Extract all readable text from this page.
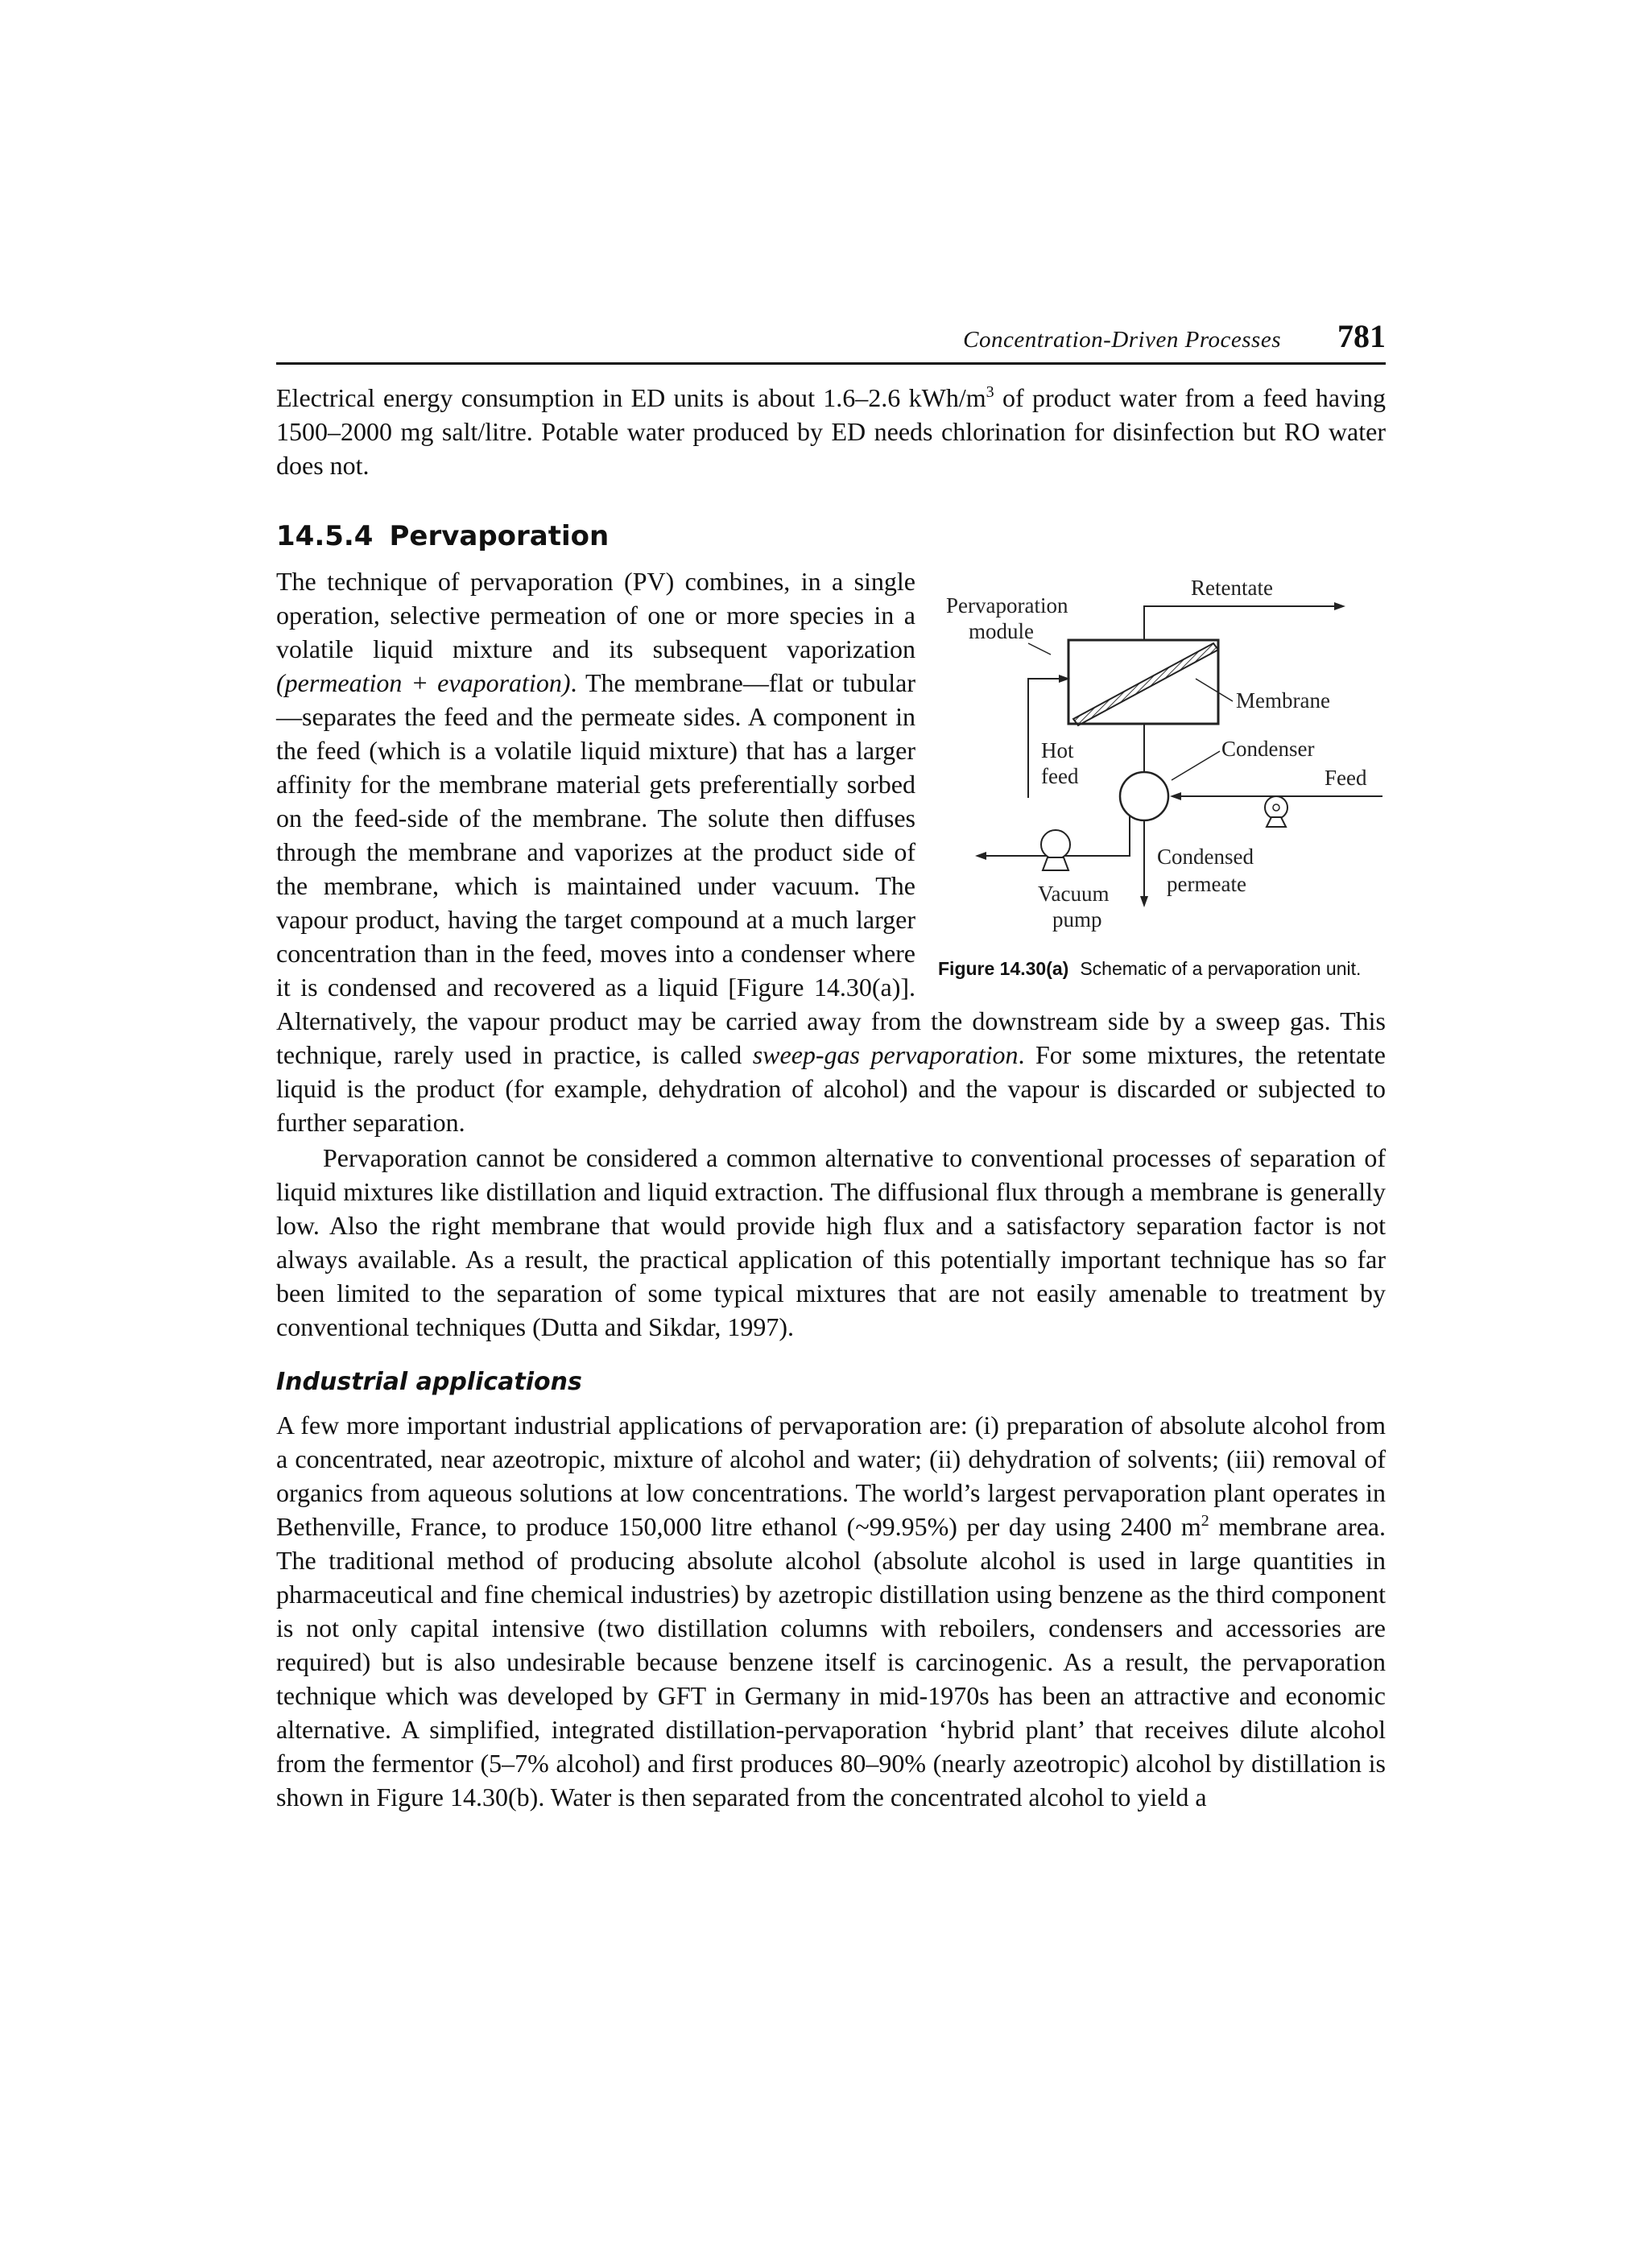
Concentration-Driven Processes 781

Electrical energy consumption in ED units is about 1.6–2.6 kWh/$m^3$ of product water from a feed having 1500–2000 mg salt/litre. Potable water produced by ED needs chlorination for disinfection but RO water does not.

14.5.4 Pervaporation
Retentate
Pervaporation
module
Membrane
Hot
feed
Condenser
Feed
Vacuum
pump
Condensed
permeate
Figure 14.30(a) Schematic of a pervaporation unit.

The technique of pervaporation (PV) combines, in a single operation, selective permeation of one or more species in a volatile liquid mixture and its subsequent vaporization (permeation + evaporation). The membrane—flat or tubular—separates the feed and the permeate sides. A component in the feed (which is a volatile liquid mixture) that has a larger affinity for the membrane material gets preferentially sorbed on the feed-side of the membrane. The solute then diffuses through the membrane and vaporizes at the product side of the membrane, which is maintained under vacuum. The vapour product, having the target compound at a much larger concentration than in the feed, moves into a condenser where it is condensed and recovered as a liquid [Figure 14.30(a)]. Alternatively, the vapour product may be carried away from the downstream side by a sweep gas. This technique, rarely used in practice, is called sweep-gas pervaporation. For some mixtures, the retentate liquid is the product (for example, dehydration of alcohol) and the vapour is discarded or subjected to further separation.

Pervaporation cannot be considered a common alternative to conventional processes of separation of liquid mixtures like distillation and liquid extraction. The diffusional flux through a membrane is generally low. Also the right membrane that would provide high flux and a satisfactory separation factor is not always available. As a result, the practical application of this potentially important technique has so far been limited to the separation of some typical mixtures that are not easily amenable to treatment by conventional techniques (Dutta and Sikdar, 1997).

Industrial applications

A few more important industrial applications of pervaporation are: (i) preparation of absolute alcohol from a concentrated, near azeotropic, mixture of alcohol and water; (ii) dehydration of solvents; (iii) removal of organics from aqueous solutions at low concentrations. The world’s largest pervaporation plant operates in Bethenville, France, to produce 150,000 litre ethanol (~99.95%) per day using 2400 $m^2$ membrane area. The traditional method of producing absolute alcohol (absolute alcohol is used in large quantities in pharmaceutical and fine chemical industries) by azetropic distillation using benzene as the third component is not only capital intensive (two distillation columns with reboilers, condensers and accessories are required) but is also undesirable because benzene itself is carcinogenic. As a result, the pervaporation technique which was developed by GFT in Germany in mid-1970s has been an attractive and economic alternative. A simplified, integrated distillation-pervaporation ‘hybrid plant’ that receives dilute alcohol from the fermentor (5–7% alcohol) and first produces 80–90% (nearly azeotropic) alcohol by distillation is shown in Figure 14.30(b). Water is then separated from the concentrated alcohol to yield a
